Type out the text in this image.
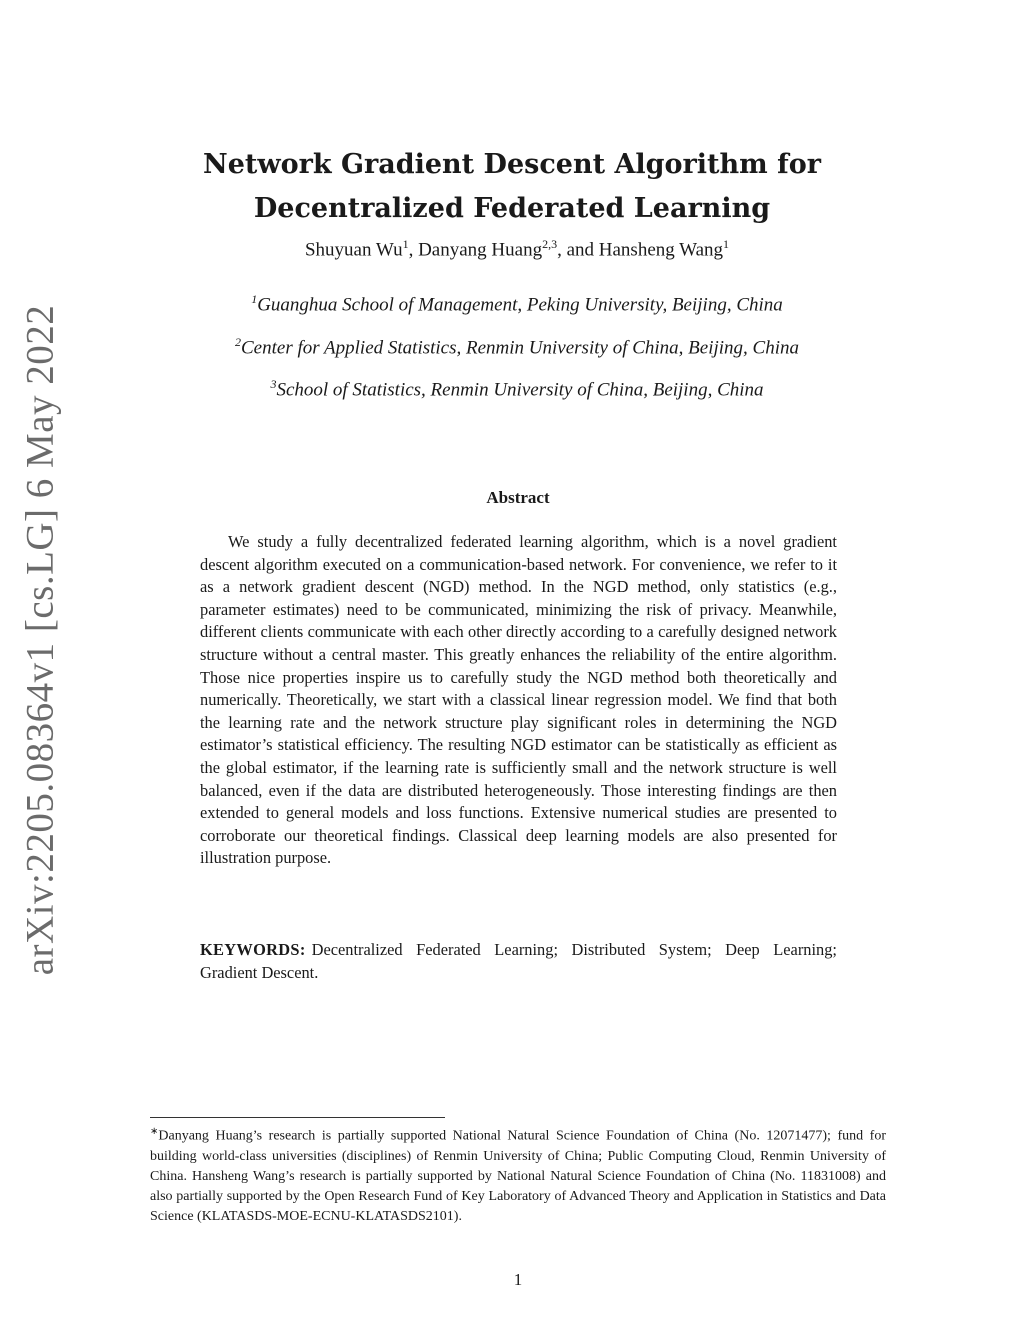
arXiv:2205.08364v1 [cs.LG] 6 May 2022
Network Gradient Descent Algorithm for
Decentralized Federated Learning
Shuyuan Wu$^1$, Danyang Huang$^{2,3}$, and Hansheng Wang$^1$
$^1$Guanghua School of Management, Peking University, Beijing, China
$^2$Center for Applied Statistics, Renmin University of China, Beijing, China
$^3$School of Statistics, Renmin University of China, Beijing, China
Abstract

We study a fully decentralized federated learning algorithm, which is a novel gradient descent algorithm executed on a communication-based network. For convenience, we refer to it as a network gradient descent (NGD) method. In the NGD method, only statistics (e.g., parameter estimates) need to be communicated, minimizing the risk of privacy. Meanwhile, different clients communicate with each other directly according to a carefully designed network structure without a central master. This greatly enhances the reliability of the entire algorithm. Those nice properties inspire us to carefully study the NGD method both theoretically and numerically. Theoretically, we start with a classical linear regression model. We find that both the learning rate and the network structure play significant roles in determining the NGD estimator’s statistical efficiency. The resulting NGD estimator can be statistically as efficient as the global estimator, if the learning rate is sufficiently small and the network structure is well balanced, even if the data are distributed heterogeneously. Those interesting findings are then extended to general models and loss functions. Extensive numerical studies are presented to corroborate our theoretical findings. Classical deep learning models are also presented for illustration purpose.

KEYWORDS: Decentralized Federated Learning; Distributed System; Deep Learning; Gradient Descent.

∗Danyang Huang’s research is partially supported National Natural Science Foundation of China (No. 12071477); fund for building world-class universities (disciplines) of Renmin University of China; Public Computing Cloud, Renmin University of China. Hansheng Wang’s research is partially supported by National Natural Science Foundation of China (No. 11831008) and also partially supported by the Open Research Fund of Key Laboratory of Advanced Theory and Application in Statistics and Data Science (KLATASDS-MOE-ECNU-KLATASDS2101).

1
